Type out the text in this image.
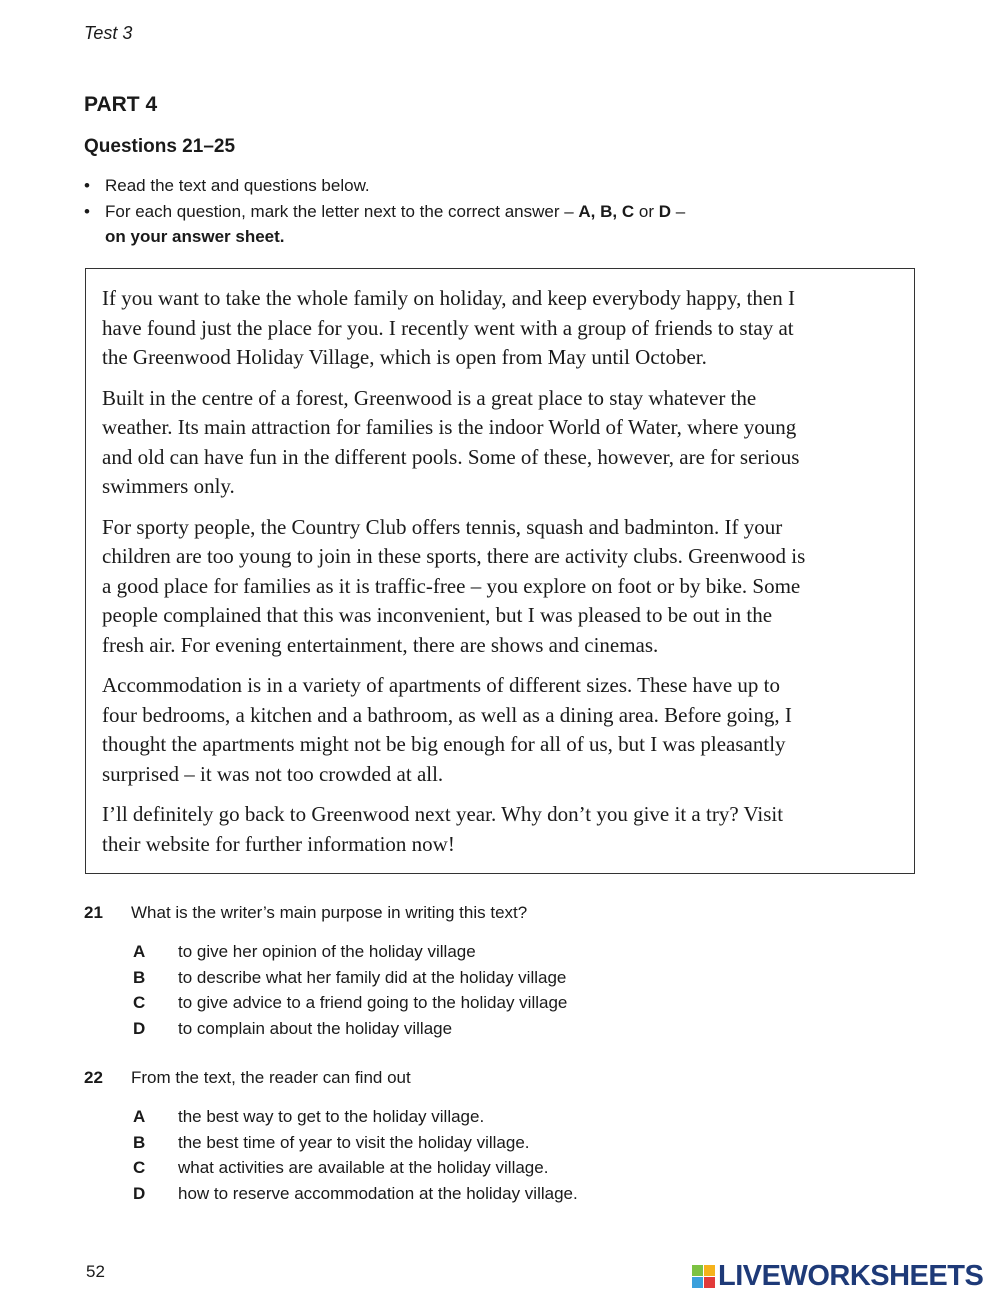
Test 3
PART 4
Questions 21–25
• Read the text and questions below.
• For each question, mark the letter next to the correct answer – A, B, C or D –
on your answer sheet.
If you want to take the whole family on holiday, and keep everybody happy, then I
have found just the place for you. I recently went with a group of friends to stay at
the Greenwood Holiday Village, which is open from May until October.
Built in the centre of a forest, Greenwood is a great place to stay whatever the
weather. Its main attraction for families is the indoor World of Water, where young
and old can have fun in the different pools. Some of these, however, are for serious
swimmers only.
For sporty people, the Country Club offers tennis, squash and badminton. If your
children are too young to join in these sports, there are activity clubs. Greenwood is
a good place for families as it is traffic-free – you explore on foot or by bike. Some
people complained that this was inconvenient, but I was pleased to be out in the
fresh air. For evening entertainment, there are shows and cinemas.
Accommodation is in a variety of apartments of different sizes. These have up to
four bedrooms, a kitchen and a bathroom, as well as a dining area. Before going, I
thought the apartments might not be big enough for all of us, but I was pleasantly
surprised – it was not too crowded at all.
I’ll definitely go back to Greenwood next year. Why don’t you give it a try? Visit
their website for further information now!
21 What is the writer’s main purpose in writing this text?
A to give her opinion of the holiday village
B to describe what her family did at the holiday village
C to give advice to a friend going to the holiday village
D to complain about the holiday village
22 From the text, the reader can find out
A the best way to get to the holiday village.
B the best time of year to visit the holiday village.
C what activities are available at the holiday village.
D how to reserve accommodation at the holiday village.
52	LIVEWORKSHEETS
